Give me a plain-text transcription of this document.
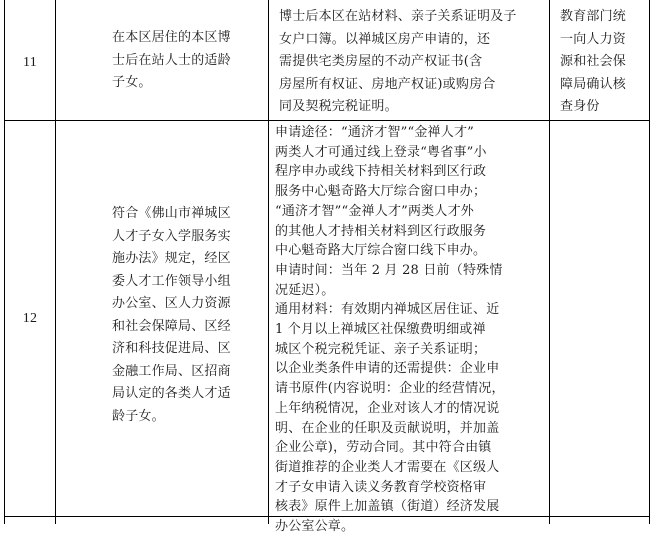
11
在本区居住的本区博
士后在站人士的适龄
子女。
博士后本区在站材料、亲子关系证明及子
女户口簿。以禅城区房产申请的，还
需提供宅类房屋的不动产权证书(含
房屋所有权证、房地产权证)或购房合
同及契税完税证明。
教育部门统
一向人力资
源和社会保
障局确认核
查身份
12
符合《佛山市禅城区
人才子女入学服务实
施办法》规定，经区
委人才工作领导小组
办公室、区人力资源
和社会保障局、区经
济和科技促进局、区
金融工作局、区招商
局认定的各类人才适
龄子女。
申请途径：“通济才智”“金禅人才”
两类人才可通过线上登录“粤省事”小
程序申办或线下持相关材料到区行政
服务中心魁奇路大厅综合窗口申办；
“通济才智”“金禅人才”两类人才外
的其他人才持相关材料到区行政服务
中心魁奇路大厅综合窗口线下申办。
申请时间：当年 2 月 28 日前（特殊情
况延迟）。
通用材料：有效期内禅城区居住证、近
1 个月以上禅城区社保缴费明细或禅
城区个税完税凭证、亲子关系证明；
以企业类条件申请的还需提供：企业申
请书原件(内容说明：企业的经营情况，
上年纳税情况，企业对该人才的情况说
明、在企业的任职及贡献说明，并加盖
企业公章)，劳动合同。其中符合由镇
街道推荐的企业类人才需要在《区级人
才子女申请入读义务教育学校资格审
核表》原件上加盖镇（街道）经济发展
办公室公章。
